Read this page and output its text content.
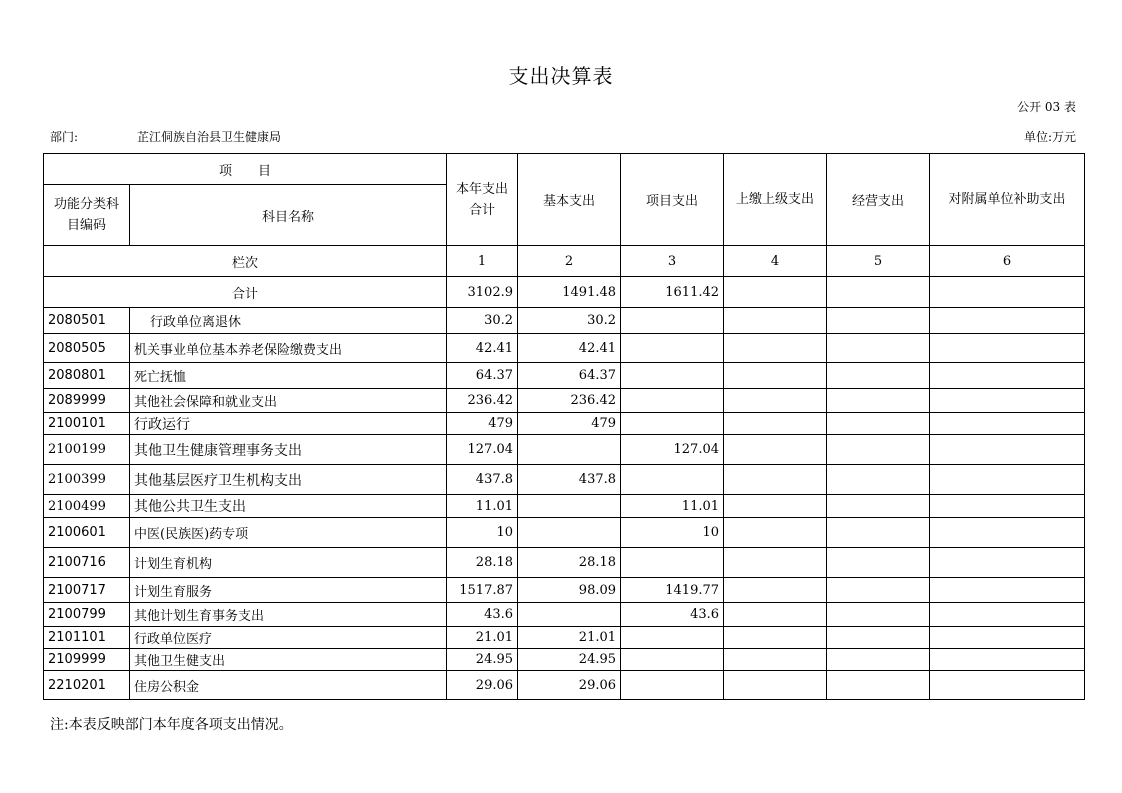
支出决算表
公开 03 表
部门:	芷江侗族自治县卫生健康局	单位:万元
项　　目		本年支出合计	基本支出	项目支出	上缴上级支出	经营支出	对附属单位补助支出
功能分类科目编码	科目名称						
栏次		1	2	3	4	5	6
合计		3102.9	1491.48	1611.42			
2080501	行政单位离退休	30.2	30.2				
2080505	机关事业单位基本养老保险缴费支出	42.41	42.41				
2080801	死亡抚恤	64.37	64.37				
2089999	其他社会保障和就业支出	236.42	236.42				
2100101	行政运行	479	479				
2100199	其他卫生健康管理事务支出	127.04		127.04			
2100399	其他基层医疗卫生机构支出	437.8	437.8				
2100499	其他公共卫生支出	11.01		11.01			
2100601	中医(民族医)药专项	10		10			
2100716	计划生育机构	28.18	28.18				
2100717	计划生育服务	1517.87	98.09	1419.77			
2100799	其他计划生育事务支出	43.6		43.6			
2101101	行政单位医疗	21.01	21.01				
2109999	其他卫生健支出	24.95	24.95				
2210201	住房公积金	29.06	29.06				
注:本表反映部门本年度各项支出情况。
